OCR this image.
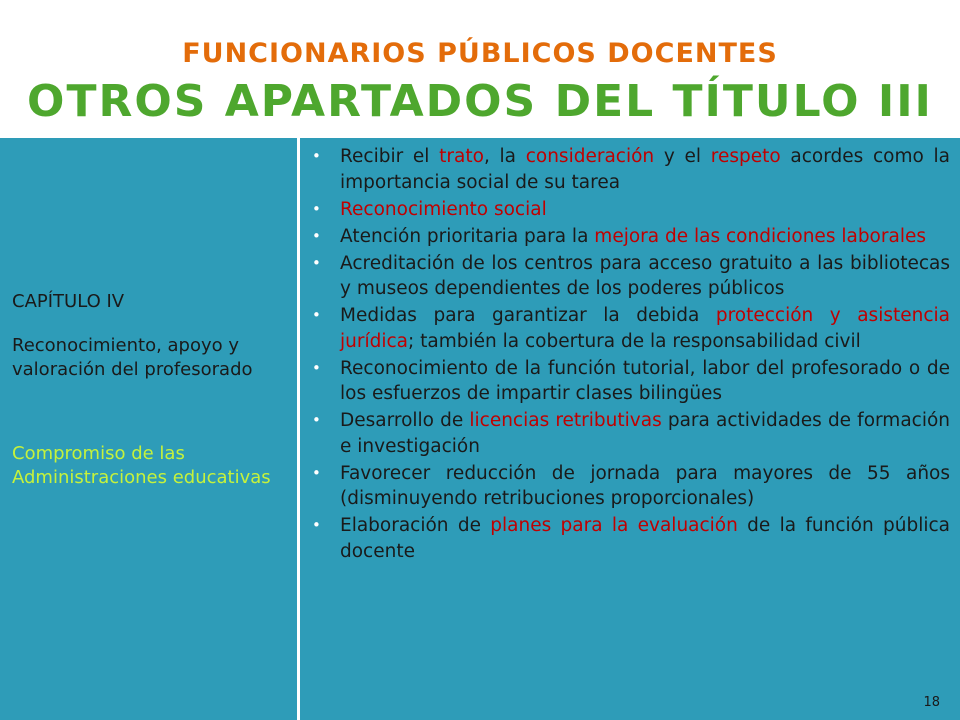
FUNCIONARIOS PÚBLICOS DOCENTES
OTROS APARTADOS DEL TÍTULO III
CAPÍTULO IV
Reconocimiento, apoyo y valoración del profesorado
Compromiso de las Administraciones educativas
• Recibir el trato, la consideración y el respeto acordes como la importancia social de su tarea
• Reconocimiento social
• Atención prioritaria para la mejora de las condiciones laborales
• Acreditación de los centros para acceso gratuito a las bibliotecas y museos dependientes de los poderes públicos
• Medidas para garantizar la debida protección y asistencia jurídica; también la cobertura de la responsabilidad civil
• Reconocimiento de la función tutorial, labor del profesorado o de los esfuerzos de impartir clases bilingües
• Desarrollo de licencias retributivas para actividades de formación e investigación
• Favorecer reducción de jornada para mayores de 55 años (disminuyendo retribuciones proporcionales)
• Elaboración de planes para la evaluación de la función pública docente
18
